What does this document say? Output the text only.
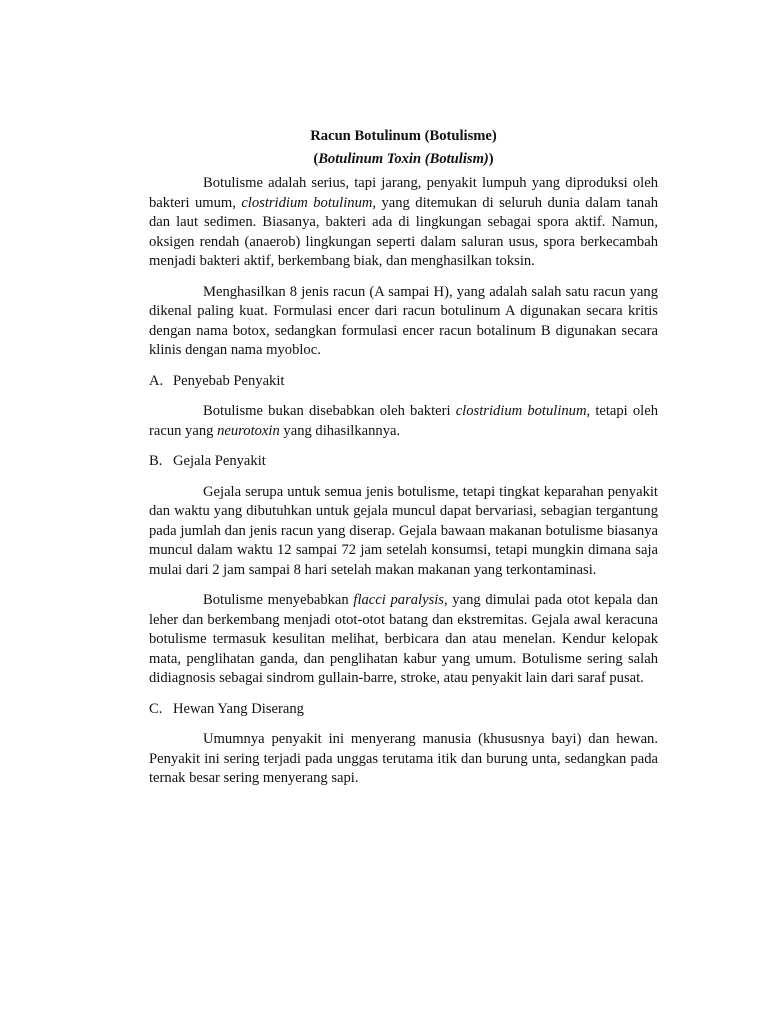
Racun Botulinum (Botulisme)
(Botulinum Toxin (Botulism))

Botulisme adalah serius, tapi jarang, penyakit lumpuh yang diproduksi oleh bakteri umum, clostridium botulinum, yang ditemukan di seluruh dunia dalam tanah dan laut sedimen. Biasanya, bakteri ada di lingkungan sebagai spora aktif. Namun, oksigen rendah (anaerob) lingkungan seperti dalam saluran usus, spora berkecambah menjadi bakteri aktif, berkembang biak, dan menghasilkan toksin.

Menghasilkan 8 jenis racun (A sampai H), yang adalah salah satu racun yang dikenal paling kuat. Formulasi encer dari racun botulinum A digunakan secara kritis dengan nama botox, sedangkan formulasi encer racun botalinum B digunakan secara klinis dengan nama myobloc.

A. Penyebab Penyakit

Botulisme bukan disebabkan oleh bakteri clostridium botulinum, tetapi oleh racun yang neurotoxin yang dihasilkannya.

B. Gejala Penyakit

Gejala serupa untuk semua jenis botulisme, tetapi tingkat keparahan penyakit dan waktu yang dibutuhkan untuk gejala muncul dapat bervariasi, sebagian tergantung pada jumlah dan jenis racun yang diserap. Gejala bawaan makanan botulisme biasanya muncul dalam waktu 12 sampai 72 jam setelah konsumsi, tetapi mungkin dimana saja mulai dari 2 jam sampai 8 hari setelah makan makanan yang terkontaminasi.

Botulisme menyebabkan flacci paralysis, yang dimulai pada otot kepala dan leher dan berkembang menjadi otot-otot batang dan ekstremitas. Gejala awal keracuna botulisme termasuk kesulitan melihat, berbicara dan atau menelan. Kendur kelopak mata, penglihatan ganda, dan penglihatan kabur yang umum. Botulisme sering salah didiagnosis sebagai sindrom gullain-barre, stroke, atau penyakit lain dari saraf pusat.

C. Hewan Yang Diserang

Umumnya penyakit ini menyerang manusia (khususnya bayi) dan hewan. Penyakit ini sering terjadi pada unggas terutama itik dan burung unta, sedangkan pada ternak besar sering menyerang sapi.
